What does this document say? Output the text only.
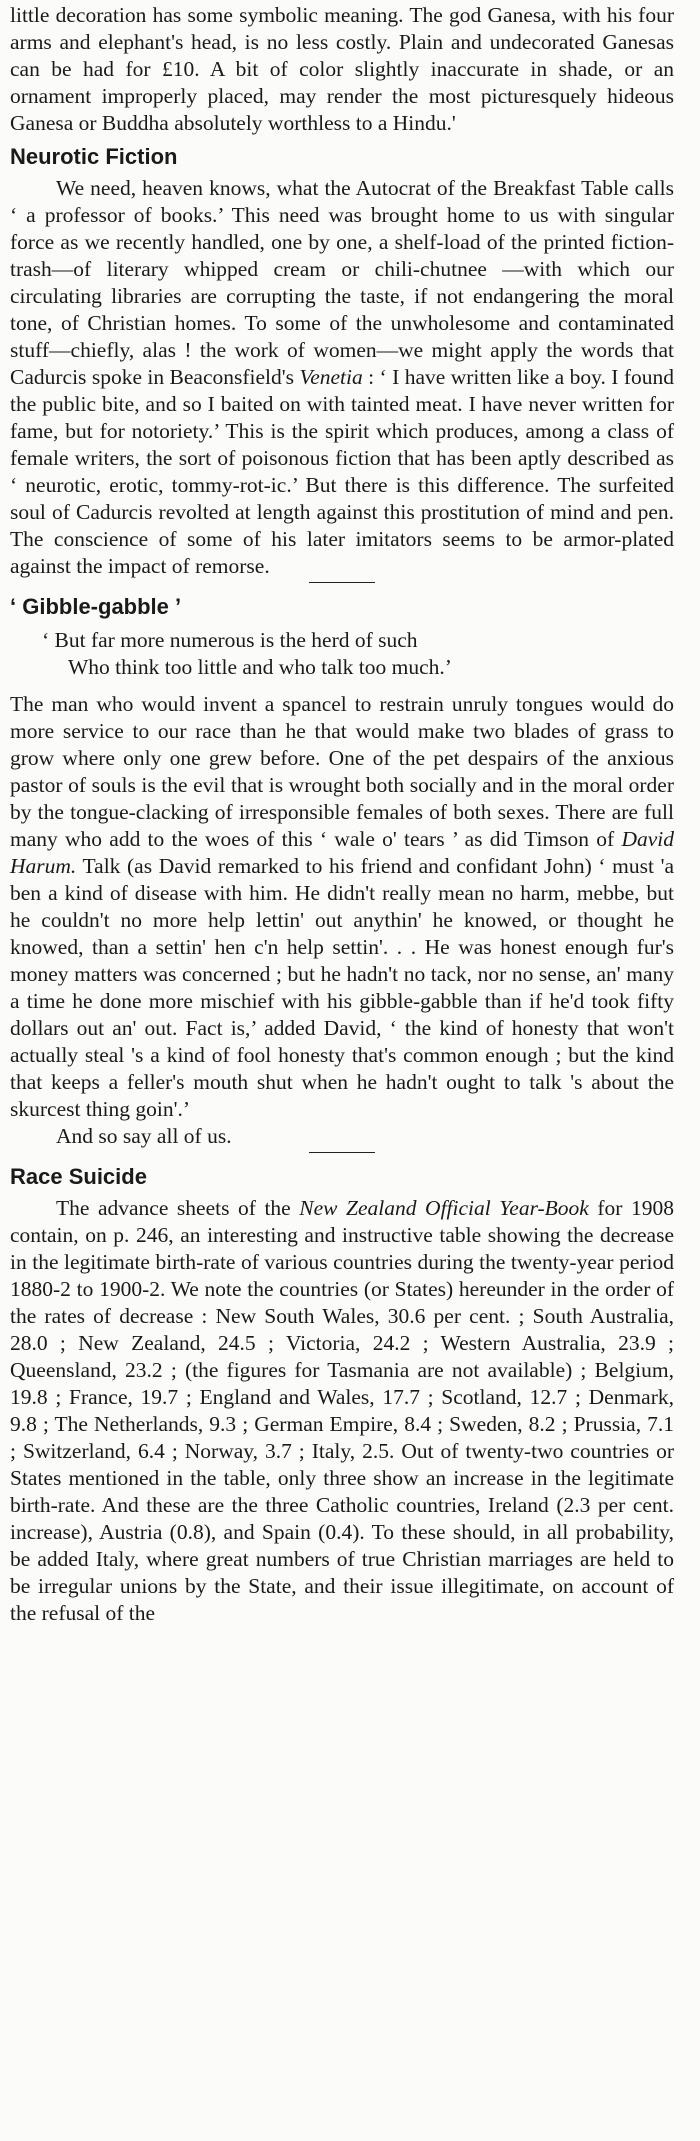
little decoration has some symbolic meaning. The god Ganesa, with his four arms and elephant's head, is no less costly. Plain and undecorated Ganesas can be had for £10. A bit of color slightly inaccurate in shade, or an ornament improperly placed, may render the most picturesquely hideous Ganesa or Buddha absolutely worthless to a Hindu.'

Neurotic Fiction

We need, heaven knows, what the Autocrat of the Breakfast Table calls ‘ a professor of books.’ This need was brought home to us with singular force as we recently handled, one by one, a shelf-load of the printed fiction-trash—of literary whipped cream or chili-chutnee —with which our circulating libraries are corrupting the taste, if not endangering the moral tone, of Christian homes. To some of the unwholesome and contaminated stuff—chiefly, alas ! the work of women—we might apply the words that Cadurcis spoke in Beaconsfield's Venetia : ‘ I have written like a boy. I found the public bite, and so I baited on with tainted meat. I have never written for fame, but for notoriety.’ This is the spirit which produces, among a class of female writers, the sort of poisonous fiction that has been aptly described as ‘ neurotic, erotic, tommy-rot-ic.’ But there is this difference. The surfeited soul of Cadurcis revolted at length against this prostitution of mind and pen. The conscience of some of his later imitators seems to be armor-plated against the impact of remorse.

‘ Gibble-gabble ’
‘ But far more numerous is the herd of such
Who think too little and who talk too much.’

The man who would invent a spancel to restrain unruly tongues would do more service to our race than he that would make two blades of grass to grow where only one grew before. One of the pet despairs of the anxious pastor of souls is the evil that is wrought both socially and in the moral order by the tongue-clacking of irresponsible females of both sexes. There are full many who add to the woes of this ‘ wale o' tears ’ as did Timson of David Harum. Talk (as David remarked to his friend and confidant John) ‘ must 'a ben a kind of disease with him. He didn't really mean no harm, mebbe, but he couldn't no more help lettin' out anythin' he knowed, or thought he knowed, than a settin' hen c'n help settin'. . . He was honest enough fur's money matters was concerned ; but he hadn't no tack, nor no sense, an' many a time he done more mischief with his gibble-gabble than if he'd took fifty dollars out an' out. Fact is,’ added David, ‘ the kind of honesty that won't actually steal 's a kind of fool honesty that's common enough ; but the kind that keeps a feller's mouth shut when he hadn't ought to talk 's about the skurcest thing goin'.’

And so say all of us.

Race Suicide

The advance sheets of the New Zealand Official Year-Book for 1908 contain, on p. 246, an interesting and instructive table showing the decrease in the legitimate birth-rate of various countries during the twenty-year period 1880-2 to 1900-2. We note the countries (or States) hereunder in the order of the rates of decrease : New South Wales, 30.6 per cent. ; South Australia, 28.0 ; New Zealand, 24.5 ; Victoria, 24.2 ; Western Australia, 23.9 ; Queensland, 23.2 ; (the figures for Tasmania are not available) ; Belgium, 19.8 ; France, 19.7 ; England and Wales, 17.7 ; Scotland, 12.7 ; Denmark, 9.8 ; The Netherlands, 9.3 ; German Empire, 8.4 ; Sweden, 8.2 ; Prussia, 7.1 ; Switzerland, 6.4 ; Norway, 3.7 ; Italy, 2.5. Out of twenty-two countries or States mentioned in the table, only three show an increase in the legitimate birth-rate. And these are the three Catholic countries, Ireland (2.3 per cent. increase), Austria (0.8), and Spain (0.4). To these should, in all probability, be added Italy, where great numbers of true Christian marriages are held to be irregular unions by the State, and their issue illegitimate, on account of the refusal of the
